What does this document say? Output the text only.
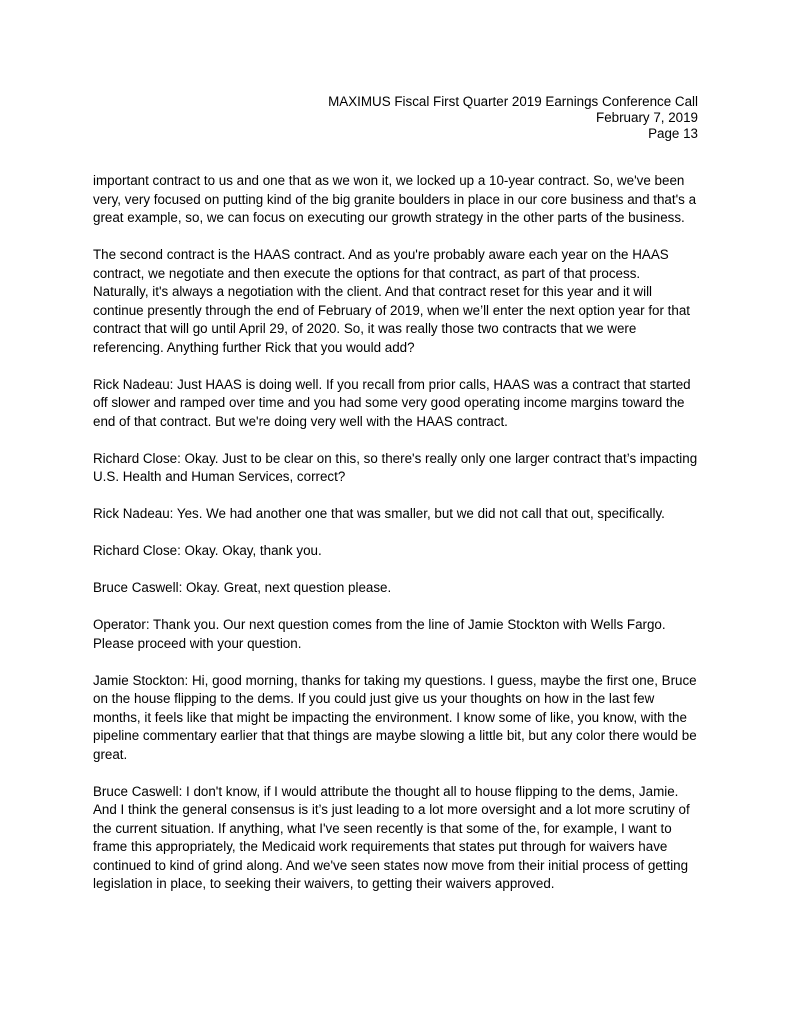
MAXIMUS Fiscal First Quarter 2019 Earnings Conference Call
February 7, 2019
Page 13

important contract to us and one that as we won it, we locked up a 10-year contract. So, we've been very, very focused on putting kind of the big granite boulders in place in our core business and that's a great example, so, we can focus on executing our growth strategy in the other parts of the business.

The second contract is the HAAS contract. And as you're probably aware each year on the HAAS contract, we negotiate and then execute the options for that contract, as part of that process. Naturally, it's always a negotiation with the client. And that contract reset for this year and it will continue presently through the end of February of 2019, when we’ll enter the next option year for that contract that will go until April 29, of 2020. So, it was really those two contracts that we were referencing. Anything further Rick that you would add?

Rick Nadeau: Just HAAS is doing well. If you recall from prior calls, HAAS was a contract that started off slower and ramped over time and you had some very good operating income margins toward the end of that contract. But we're doing very well with the HAAS contract.

Richard Close: Okay. Just to be clear on this, so there's really only one larger contract that’s impacting U.S. Health and Human Services, correct?

Rick Nadeau: Yes. We had another one that was smaller, but we did not call that out, specifically.

Richard Close: Okay. Okay, thank you.

Bruce Caswell: Okay. Great, next question please.

Operator: Thank you. Our next question comes from the line of Jamie Stockton with Wells Fargo. Please proceed with your question.

Jamie Stockton: Hi, good morning, thanks for taking my questions. I guess, maybe the first one, Bruce on the house flipping to the dems. If you could just give us your thoughts on how in the last few months, it feels like that might be impacting the environment. I know some of like, you know, with the pipeline commentary earlier that that things are maybe slowing a little bit, but any color there would be great.

Bruce Caswell: I don't know, if I would attribute the thought all to house flipping to the dems, Jamie. And I think the general consensus is it’s just leading to a lot more oversight and a lot more scrutiny of the current situation. If anything, what I've seen recently is that some of the, for example, I want to frame this appropriately, the Medicaid work requirements that states put through for waivers have continued to kind of grind along. And we've seen states now move from their initial process of getting legislation in place, to seeking their waivers, to getting their waivers approved.
